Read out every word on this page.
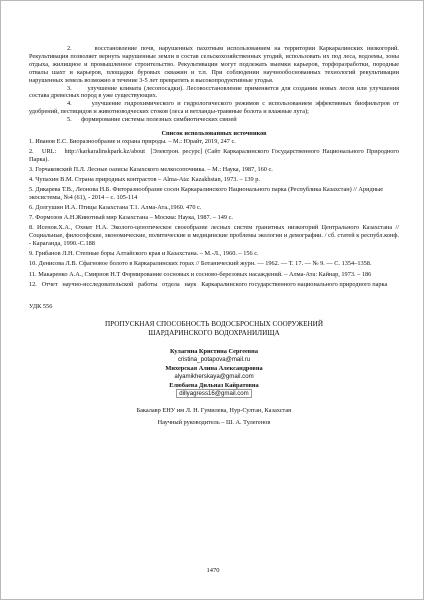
2.      восстановление почв, нарушенных пахотным использованием на территории Каркаралинских низкогорий. Рекультивация позволяет вернуть нарушенные земли в состав сельскохозяйственных угодий, использовать их под леса, водоемы, зоны отдыха, жилищное и промышленное строительство. Рекультивации могут подлежать выемки карьеров, торфоразработки, породные отвалы шахт и карьеров, площадки буровых скважин и т.п. При соблюдении научнообоснованных технологий рекультивации нарушенных земель возможно в течение 3-5 лет превратить в высокопродуктивные угодья.

3.      улучшение климата (лесопосадки). Лесовосстановление применяется для создания новых лесов или улучшения состава древесных пород в уже существующих.

4.      улучшение гидрохимического и гидрологического режимов с использованием эффективных биофильтров от удобрений, пестицидов и животноводческих стоков (леса и ветланды-травяные болота и влажные луга);

5.      формирование системы полезных симбиотических связей

Список использованных источников

1. Иванов Е.С. Биоразнообразие и охрана природы. – М.: Юрайт, 2019, 247 с.

2.   URL:   http://karkaralinskpark.kz/about  [Электрон. ресурс] (Сайт Каркаралинского Государственного Национального Природного Парка).

3. Горчаковский П.Л. Лесные оазисы Казахского мелкосопочника. – М.: Наука, 1987, 160 с.

4. Чупахин В.М. Страна природных контрастов – Alma-Ata: Kazakhstan, 1973. – 139 р.

5. Дикарева Т.В., Леонова Н.Б. Фиторазнообразие сосен Каркаралинского Национального парка (Республика Казахстан) // Аридные экосистемы, №4 (61), - 2014 – с. 105-114

6. Долгушин И.А. Птицы Казахстана Т.1. Алма-Ата.,1960. 470 с.

7. Формозов А.Н.Животный мир Казахстана – Москва: Наука, 1987. – 149 с.

8. Исенов.Х.А., Охмат Н.А. Эколого-ценотическое своеобразие лесных систем гранитных низкогорий Центрального Казахстана // Социальные, философские, экономические, политические и медицинские проблемы экологии и демографии. / сб. статей к республ.конф. - Караганда, 1990.-С.188

9. Грибанов Л.Н. Степные боры Алтайского края и Казахстана. – М.-Л., 1960. – 156 с.

10. Денисова Л.В. Сфагновое болото в Каркаралинских горах // Ботанический журн. — 1962. — Т. 17. — № 9. — С. 1354–1358.

11. Макаренко А.А., Смирнов Н.Т Формирование сосновых и сосново-березовых насаждений. – Алма-Ата: Кайнар, 1973. – 186

12.   Отчет   научно-исследовательской   работы   отдела   наук   Каркаралинского государственного национального природного парка

УДК 556

ПРОПУСКНАЯ СПОСОБНОСТЬ ВОДОСБРОСНЫХ СООРУЖЕНИЙ
ШАРДАРИНСКОГО ВОДОХРАНИЛИЩА

Кулагина Кристина Сергеевна

cristina_potapova@mail.ru

Михерская Алина Александровна

alyamikherskaya@gmail.com

Елюбаева Дильназ Кайратовна

dillyagress16@gmail.com

Бакалавр ЕНУ им Л. Н. Гумилева, Нур-Султан, Казахстан

Научный руководитель – Ш. А. Тулегенов

1470
